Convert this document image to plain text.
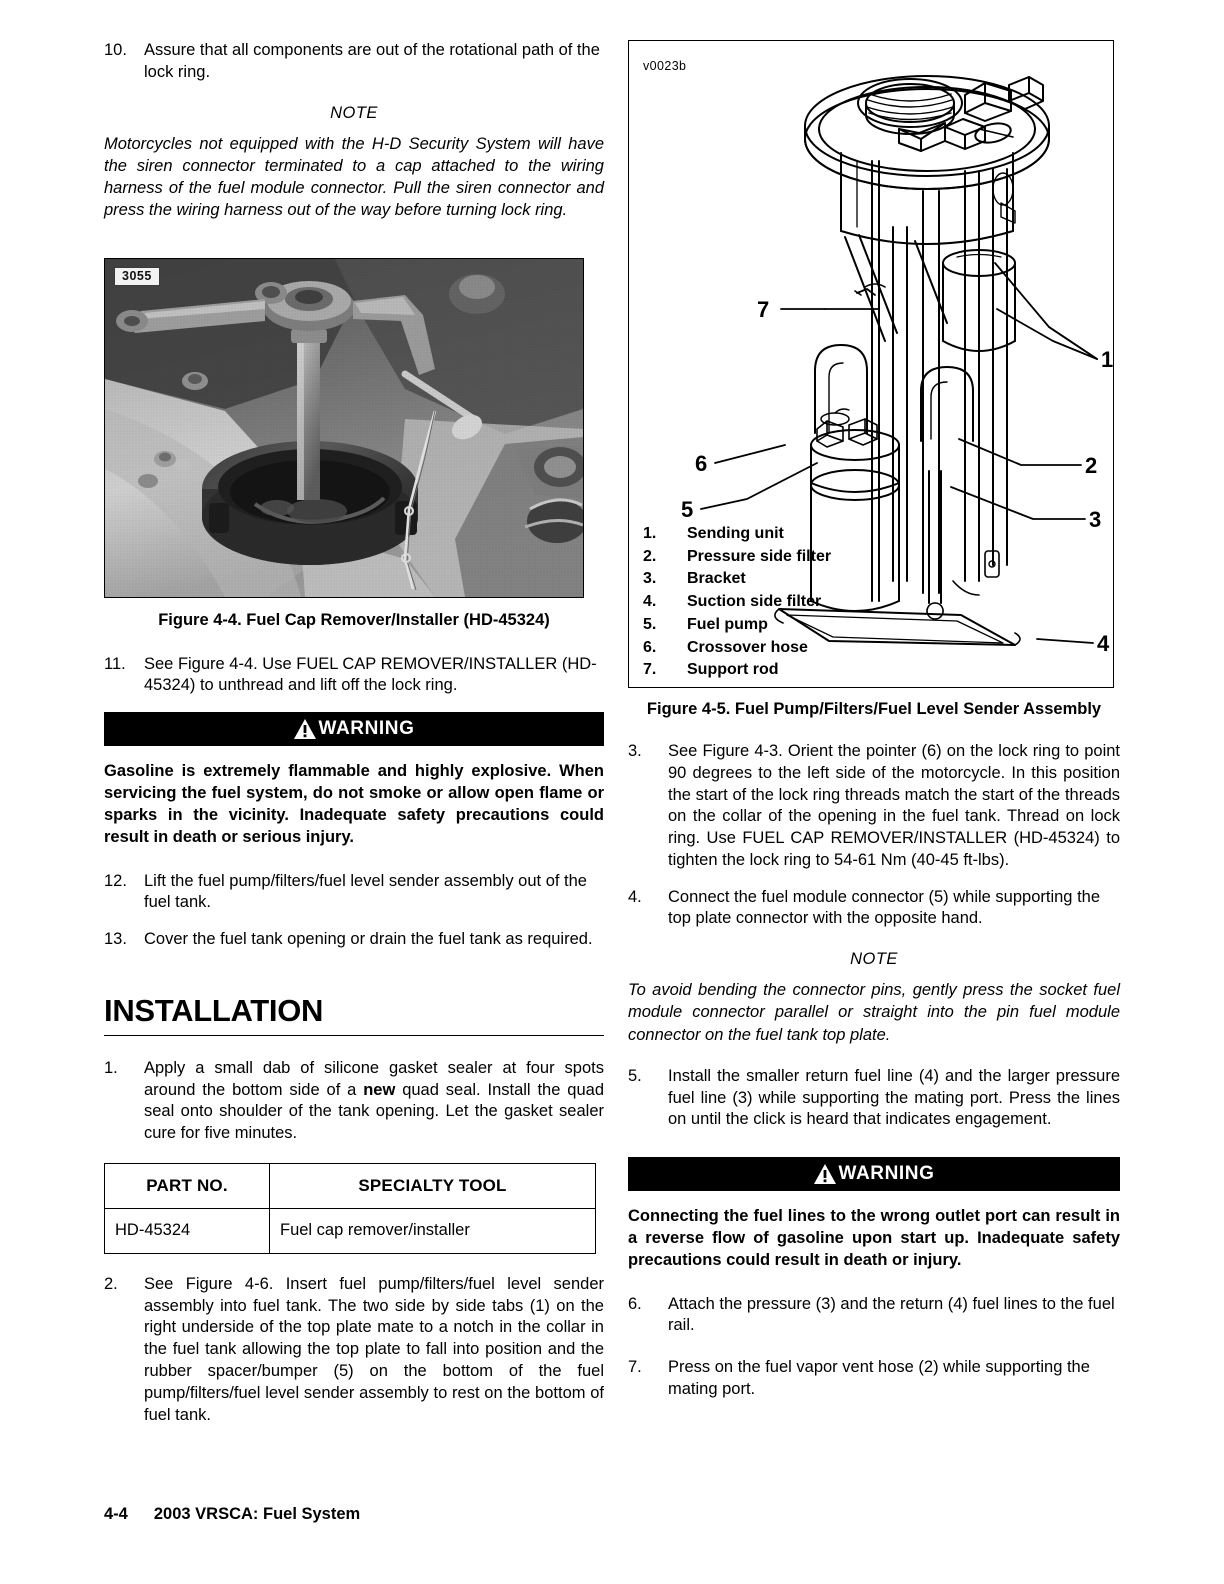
10.	Assure that all components are out of the rotational path of the lock ring.
NOTE
Motorcycles not equipped with the H-D Security System will have the siren connector terminated to a cap attached to the wiring harness of the fuel module connector. Pull the siren connector and press the wiring harness out of the way before turning lock ring.
3055
Figure 4-4. Fuel Cap Remover/Installer (HD-45324)
11.	See Figure 4-4. Use FUEL CAP REMOVER/INSTALLER (HD-45324) to unthread and lift off the lock ring.
WARNING
Gasoline is extremely flammable and highly explosive. When servicing the fuel system, do not smoke or allow open flame or sparks in the vicinity. Inadequate safety precautions could result in death or serious injury.
12.	Lift the fuel pump/filters/fuel level sender assembly out of the fuel tank.
13.	Cover the fuel tank opening or drain the fuel tank as required.
INSTALLATION
1.	Apply a small dab of silicone gasket sealer at four spots around the bottom side of a new quad seal. Install the quad seal onto shoulder of the tank opening. Let the gasket sealer cure for five minutes.
PART NO.	SPECIALTY TOOL
HD-45324	Fuel cap remover/installer
2.	See Figure 4-6. Insert fuel pump/filters/fuel level sender assembly into fuel tank. The two side by side tabs (1) on the right underside of the top plate mate to a notch in the collar in the fuel tank allowing the top plate to fall into position and the rubber spacer/bumper (5) on the bottom of the fuel pump/filters/fuel level sender assembly to rest on the bottom of fuel tank.
v0023b
7
1
6	2
5	3
4
1.	Sending unit
2.	Pressure side filter
3.	Bracket
4.	Suction side filter
5.	Fuel pump
6.	Crossover hose
7.	Support rod
Figure 4-5. Fuel Pump/Filters/Fuel Level Sender Assembly
3.	See Figure 4-3. Orient the pointer (6) on the lock ring to point 90 degrees to the left side of the motorcycle. In this position the start of the lock ring threads match the start of the threads on the collar of the opening in the fuel tank. Thread on lock ring. Use FUEL CAP REMOVER/INSTALLER (HD-45324) to tighten the lock ring to 54-61 Nm (40-45 ft-lbs).
4.	Connect the fuel module connector (5) while supporting the top plate connector with the opposite hand.
NOTE
To avoid bending the connector pins, gently press the socket fuel module connector parallel or straight into the pin fuel module connector on the fuel tank top plate.
5.	Install the smaller return fuel line (4) and the larger pressure fuel line (3) while supporting the mating port. Press the lines on until the click is heard that indicates engagement.
WARNING
Connecting the fuel lines to the wrong outlet port can result in a reverse flow of gasoline upon start up. Inadequate safety precautions could result in death or injury.
6.	Attach the pressure (3) and the return (4) fuel lines to the fuel rail.
7.	Press on the fuel vapor vent hose (2) while supporting the mating port.
4-4 2003 VRSCA: Fuel System
